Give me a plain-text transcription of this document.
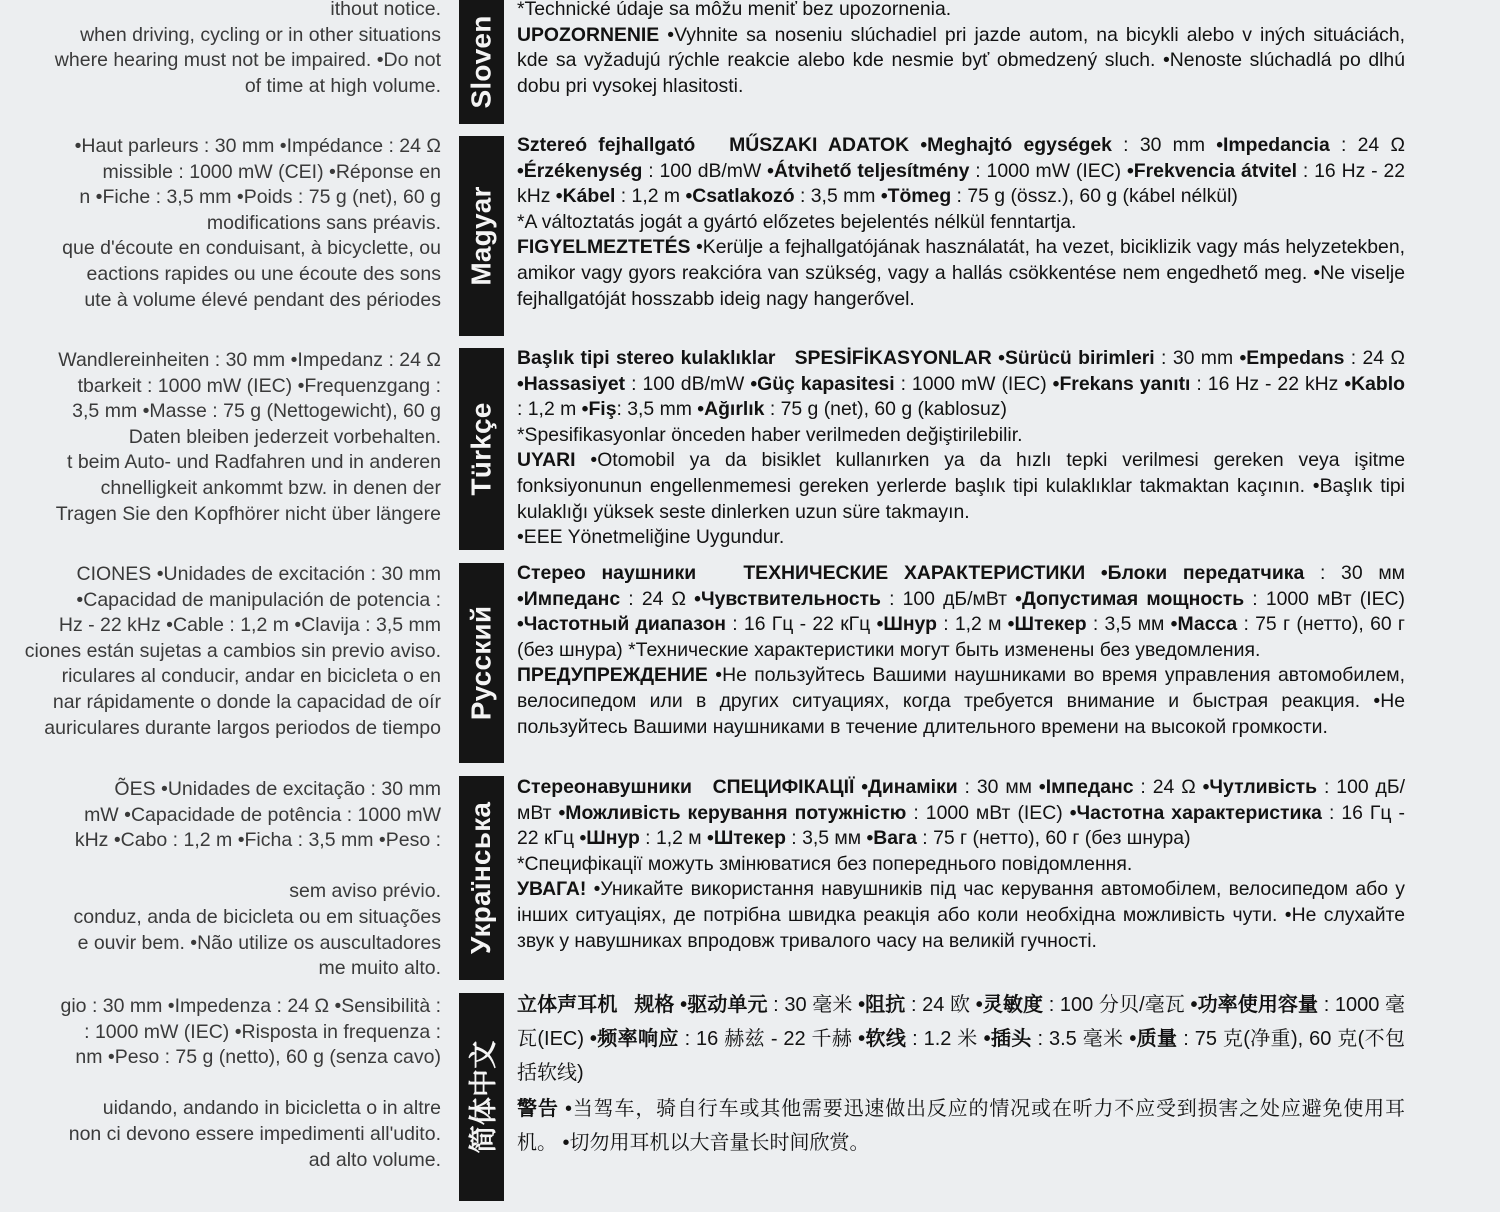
ithout notice.
when driving, cycling or in other situations
where hearing must not be impaired. •Do not
of time at high volume.
•Haut parleurs : 30 mm •Impédance : 24 Ω
missible : 1000 mW (CEI) •Réponse en
n •Fiche : 3,5 mm •Poids : 75 g (net), 60 g
modifications sans préavis.
que d'écoute en conduisant, à bicyclette, ou
eactions rapides ou une écoute des sons
ute à volume élevé pendant des périodes
Wandlereinheiten : 30 mm •Impedanz : 24 Ω
tbarkeit : 1000 mW (IEC) •Frequenzgang :
3,5 mm •Masse : 75 g (Nettogewicht), 60 g
Daten bleiben jederzeit vorbehalten.
t beim Auto- und Radfahren und in anderen
chnelligkeit ankommt bzw. in denen der
Tragen Sie den Kopfhörer nicht über längere
CIONES •Unidades de excitación : 30 mm
•Capacidad de manipulación de potencia :
Hz - 22 kHz •Cable : 1,2 m •Clavija : 3,5 mm
ciones están sujetas a cambios sin previo aviso.
riculares al conducir, andar en bicicleta o en
nar rápidamente o donde la capacidad de oír
auriculares durante largos periodos de tiempo
ÕES •Unidades de excitação : 30 mm
mW •Capacidade de potência : 1000 mW
kHz •Cabo : 1,2 m •Ficha : 3,5 mm •Peso :

sem aviso prévio.
conduz, anda de bicicleta ou em situações
e ouvir bem. •Não utilize os auscultadores
me muito alto.
gio : 30 mm •Impedenza : 24 Ω •Sensibilità :
: 1000 mW (IEC) •Risposta in frequenza :
nm •Peso : 75 g (netto), 60 g (senza cavo)

uidando, andando in bicicletta o in altre
non ci devono essere impedimenti all'udito.
ad alto volume.
Sloven
Magyar
Türkçe
Русский
Українська
简体中文

*Technické údaje sa môžu meniť bez upozornenia.

UPOZORNENIE •Vyhnite sa noseniu slúchadiel pri jazde autom, na bicykli alebo v iných situáciách, kde sa vyžadujú rýchle reakcie alebo kde nesmie byť obmedzený sluch. •Nenoste slúchadlá po dlhú dobu pri vysokej hlasitosti.

Sztereó fejhallgató MŰSZAKI ADATOK •Meghajtó egységek : 30 mm •Impedancia : 24 Ω •Érzékenység : 100 dB/mW •Átvihető teljesítmény : 1000 mW (IEC) •Frekvencia átvitel : 16 Hz - 22 kHz •Kábel : 1,2 m •Csatlakozó : 3,5 mm •Tömeg : 75 g (össz.), 60 g (kábel nélkül)

*A változtatás jogát a gyártó előzetes bejelentés nélkül fenntartja.

FIGYELMEZTETÉS •Kerülje a fejhallgatójának használatát, ha vezet, biciklizik vagy más helyzetekben, amikor vagy gyors reakcióra van szükség, vagy a hallás csökkentése nem engedhető meg. •Ne viselje fejhallgatóját hosszabb ideig nagy hangerővel.

Başlık tipi stereo kulaklıklar SPESİFİKASYONLAR •Sürücü birimleri : 30 mm •Empedans : 24 Ω •Hassasiyet : 100 dB/mW •Güç kapasitesi : 1000 mW (IEC) •Frekans yanıtı : 16 Hz - 22 kHz •Kablo : 1,2 m •Fiş: 3,5 mm •Ağırlık : 75 g (net), 60 g (kablosuz)

*Spesifikasyonlar önceden haber verilmeden değiştirilebilir.

UYARI •Otomobil ya da bisiklet kullanırken ya da hızlı tepki verilmesi gereken veya işitme fonksiyonunun engellenmemesi gereken yerlerde başlık tipi kulaklıklar takmaktan kaçının. •Başlık tipi kulaklığı yüksek seste dinlerken uzun süre takmayın.

•EEE Yönetmeliğine Uygundur.

Стерео наушники ТЕХНИЧЕСКИЕ ХАРАКТЕРИСТИКИ •Блоки передатчика : 30 мм •Импеданс : 24 Ω •Чувствительность : 100 дБ/мВт •Допустимая мощность : 1000 мВт (IEC) •Частотный диапазон : 16 Гц - 22 кГц •Шнур : 1,2 м •Штекер : 3,5 мм •Масса : 75 г (нетто), 60 г (без шнура) *Технические характеристики могут быть изменены без уведомления.

ПРЕДУПРЕЖДЕНИЕ •Не пользуйтесь Вашими наушниками во время управления автомобилем, велосипедом или в других ситуациях, когда требуется внимание и быстрая реакция. •Не пользуйтесь Вашими наушниками в течение длительного времени на высокой громкости.

Стереонавушники СПЕЦИФІКАЦІЇ •Динаміки : 30 мм •Імпеданс : 24 Ω •Чутливість : 100 дБ/мВт •Можливість керування потужністю : 1000 мВт (IEC) •Частотна характеристика : 16 Гц - 22 кГц •Шнур : 1,2 м •Штекер : 3,5 мм •Вага : 75 г (нетто), 60 г (без шнура)

*Специфікації можуть змінюватися без попереднього повідомлення.

УВАГА! •Уникайте використання навушників під час керування автомобілем, велосипедом або у інших ситуаціях, де потрібна швидка реакція або коли необхідна можливість чути. •Не слухайте звук у навушниках впродовж тривалого часу на великій гучності.

立体声耳机 规格 •驱动单元 : 30 毫米 •阻抗 : 24 欧 •灵敏度 : 100 分贝/毫瓦 •功率使用容量 : 1000 毫瓦(IEC) •频率响应 : 16 赫兹 - 22 千赫 •软线 : 1.2 米 •插头 : 3.5 毫米 •质量 : 75 克(净重), 60 克(不包括软线)

警告 •当驾车，骑自行车或其他需要迅速做出反应的情况或在听力不应受到损害之处应避免使用耳机。 •切勿用耳机以大音量长时间欣赏。
